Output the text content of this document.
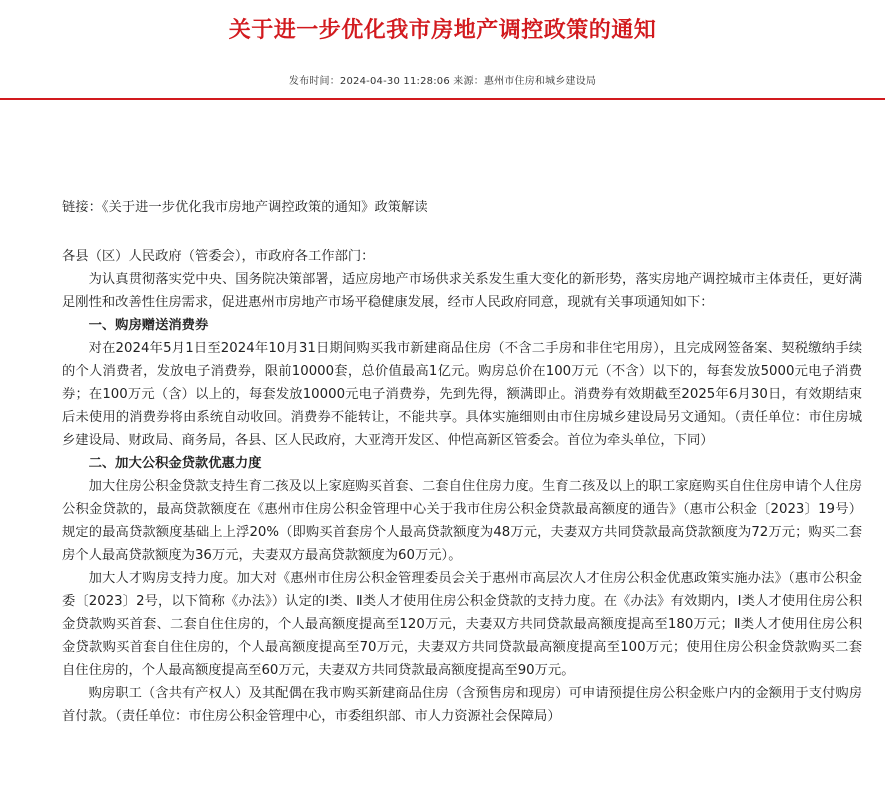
关于进一步优化我市房地产调控政策的通知
发布时间：2024-04-30 11:28:06 来源：惠州市住房和城乡建设局

链接：《关于进一步优化我市房地产调控政策的通知》政策解读

各县（区）人民政府（管委会），市政府各工作部门：

为认真贯彻落实党中央、国务院决策部署，适应房地产市场供求关系发生重大变化的新形势，落实房地产调控城市主体责任，更好满足刚性和改善性住房需求，促进惠州市房地产市场平稳健康发展，经市人民政府同意，现就有关事项通知如下：

一、购房赠送消费券

对在2024年5月1日至2024年10月31日期间购买我市新建商品住房（不含二手房和非住宅用房），且完成网签备案、契税缴纳手续的个人消费者，发放电子消费券，限前10000套，总价值最高1亿元。购房总价在100万元（不含）以下的，每套发放5000元电子消费券；在100万元（含）以上的，每套发放10000元电子消费券，先到先得，额满即止。消费券有效期截至2025年6月30日，有效期结束后未使用的消费券将由系统自动收回。消费券不能转让，不能共享。具体实施细则由市住房城乡建设局另文通知。（责任单位：市住房城乡建设局、财政局、商务局，各县、区人民政府，大亚湾开发区、仲恺高新区管委会。首位为牵头单位，下同）

二、加大公积金贷款优惠力度

加大住房公积金贷款支持生育二孩及以上家庭购买首套、二套自住住房力度。生育二孩及以上的职工家庭购买自住住房申请个人住房公积金贷款的，最高贷款额度在《惠州市住房公积金管理中心关于我市住房公积金贷款最高额度的通告》（惠市公积金〔2023〕19号）规定的最高贷款额度基础上上浮20%（即购买首套房个人最高贷款额度为48万元，夫妻双方共同贷款最高贷款额度为72万元；购买二套房个人最高贷款额度为36万元，夫妻双方最高贷款额度为60万元）。

加大人才购房支持力度。加大对《惠州市住房公积金管理委员会关于惠州市高层次人才住房公积金优惠政策实施办法》（惠市公积金委〔2023〕2号，以下简称《办法》）认定的Ⅰ类、Ⅱ类人才使用住房公积金贷款的支持力度。在《办法》有效期内，Ⅰ类人才使用住房公积金贷款购买首套、二套自住住房的，个人最高额度提高至120万元，夫妻双方共同贷款最高额度提高至180万元；Ⅱ类人才使用住房公积金贷款购买首套自住住房的，个人最高额度提高至70万元，夫妻双方共同贷款最高额度提高至100万元；使用住房公积金贷款购买二套自住住房的，个人最高额度提高至60万元，夫妻双方共同贷款最高额度提高至90万元。

购房职工（含共有产权人）及其配偶在我市购买新建商品住房（含预售房和现房）可申请预提住房公积金账户内的金额用于支付购房首付款。（责任单位：市住房公积金管理中心，市委组织部、市人力资源社会保障局）
